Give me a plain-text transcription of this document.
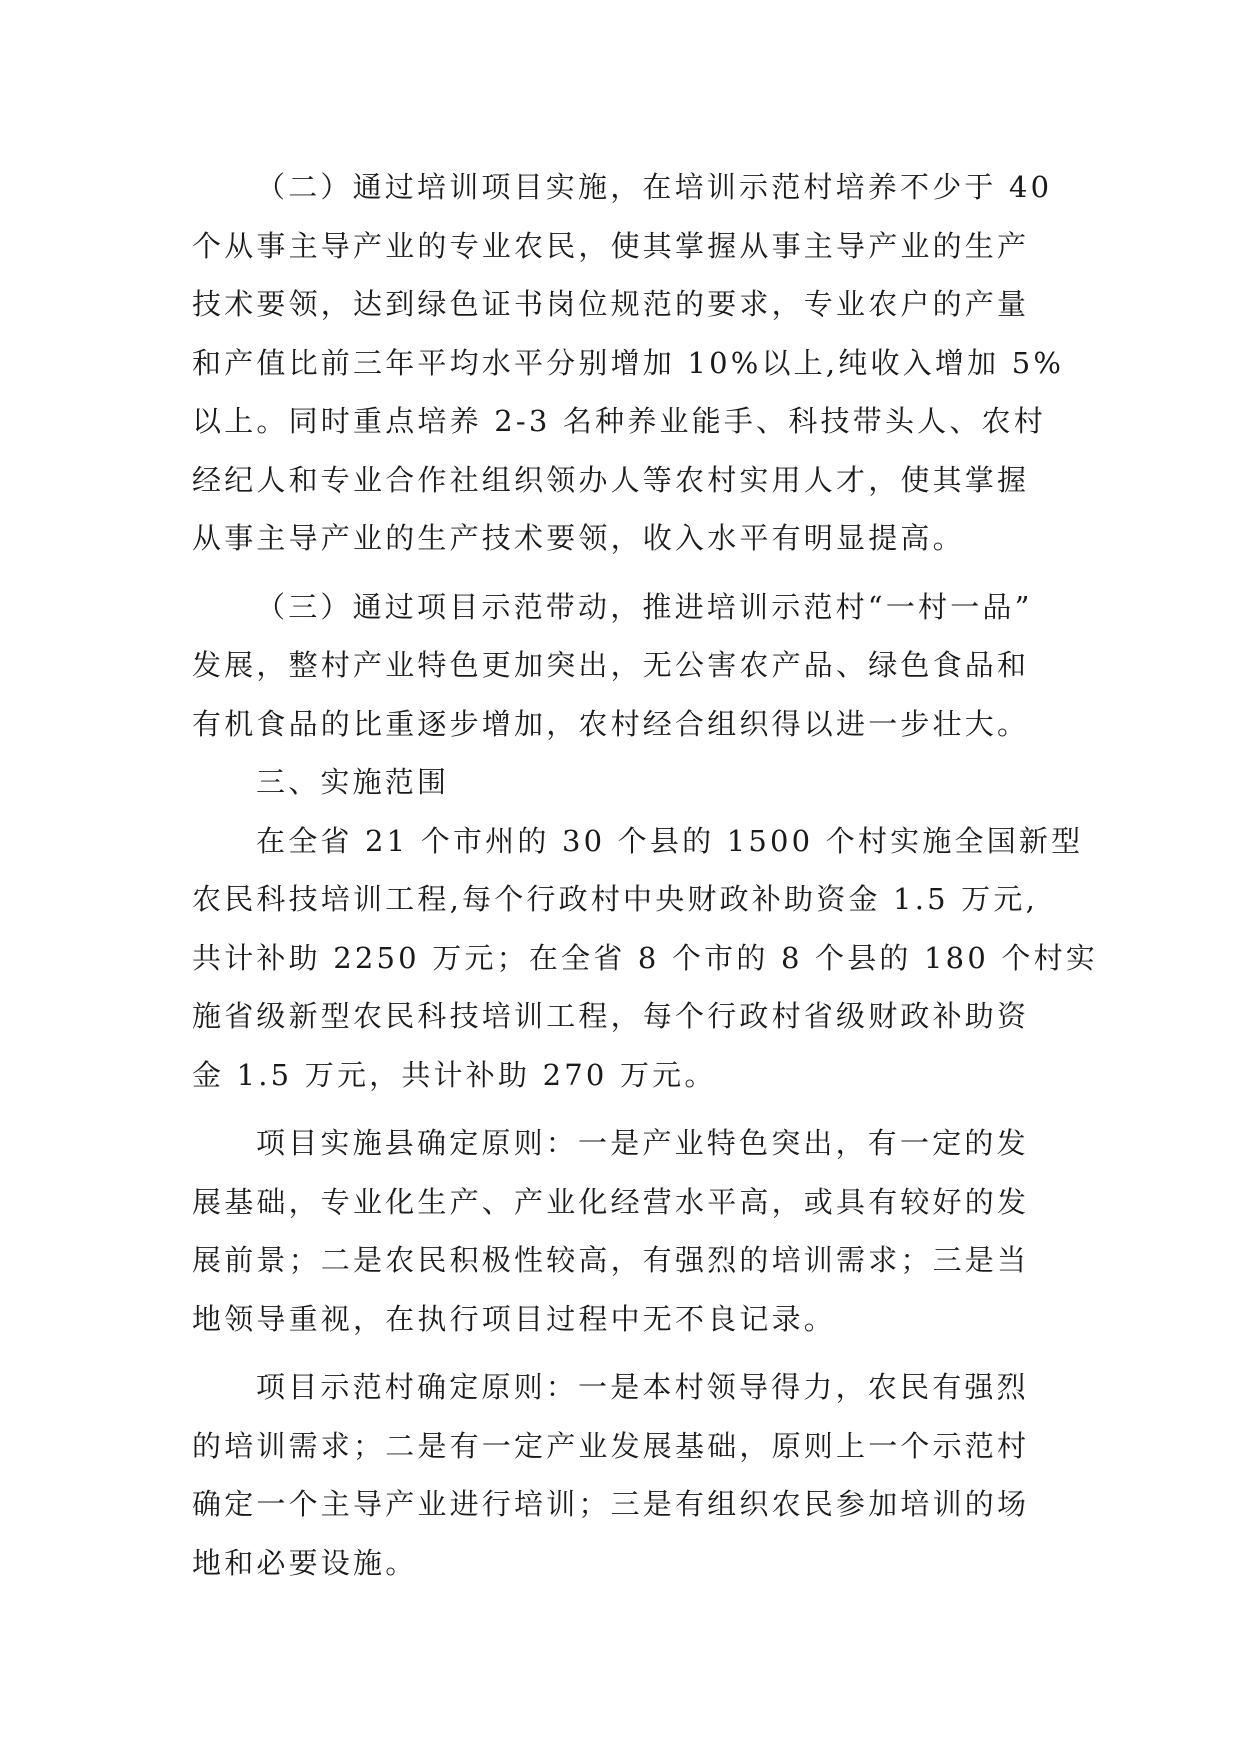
（二）通过培训项目实施，在培训示范村培养不少于 40
个从事主导产业的专业农民，使其掌握从事主导产业的生产
技术要领，达到绿色证书岗位规范的要求，专业农户的产量
和产值比前三年平均水平分别增加 10%以上,纯收入增加 5%
以上。同时重点培养 2-3 名种养业能手、科技带头人、农村
经纪人和专业合作社组织领办人等农村实用人才，使其掌握
从事主导产业的生产技术要领，收入水平有明显提高。
（三）通过项目示范带动，推进培训示范村“一村一品”
发展，整村产业特色更加突出，无公害农产品、绿色食品和
有机食品的比重逐步增加，农村经合组织得以进一步壮大。
三、实施范围
在全省 21 个市州的 30 个县的 1500 个村实施全国新型
农民科技培训工程,每个行政村中央财政补助资金 1.5 万元,
共计补助 2250 万元；在全省 8 个市的 8 个县的 180 个村实
施省级新型农民科技培训工程，每个行政村省级财政补助资
金 1.5 万元，共计补助 270 万元。
项目实施县确定原则：一是产业特色突出，有一定的发
展基础，专业化生产、产业化经营水平高，或具有较好的发
展前景；二是农民积极性较高，有强烈的培训需求；三是当
地领导重视，在执行项目过程中无不良记录。
项目示范村确定原则：一是本村领导得力，农民有强烈
的培训需求；二是有一定产业发展基础，原则上一个示范村
确定一个主导产业进行培训；三是有组织农民参加培训的场
地和必要设施。
